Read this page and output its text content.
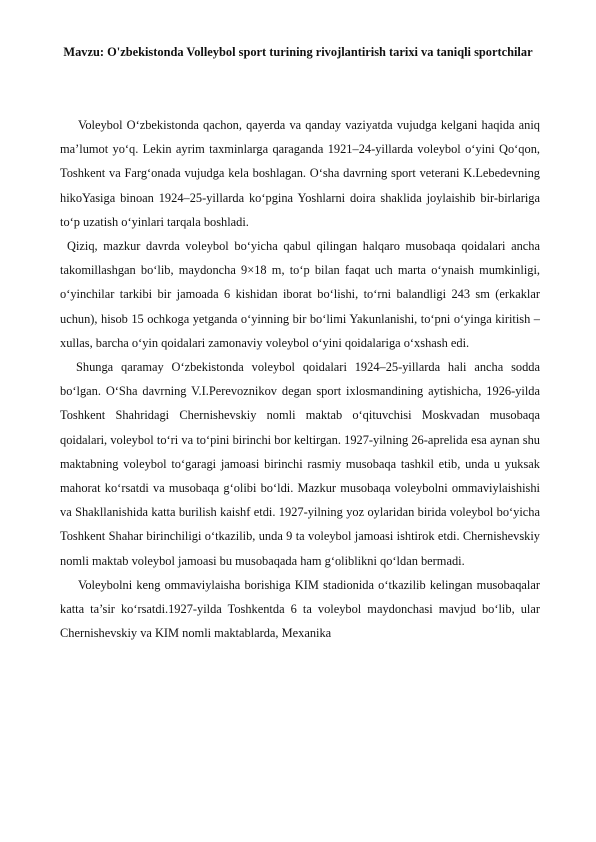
Mavzu: O'zbekistonda Volleybol sport turining rivojlantirish tarixi va taniqli sportchilar

Voleybol O‘zbekistonda qachon, qayerda va qanday vaziyatda vujudga kelgani haqida aniq ma’lumot yo‘q. Lekin ayrim taxminlarga qaraganda 1921–24-yillarda voleybol o‘yini Qo‘qon, Toshkent va Farg‘onada vujudga kela boshlagan. O‘sha davrning sport veterani K.Lebedevning hikoYasiga binoan 1924–25-yillarda ko‘pgina Yoshlarni doira shaklida joylaishib bir-birlariga to‘p uzatish o‘yinlari tarqala boshladi.

Qiziq, mazkur davrda voleybol bo‘yicha qabul qilingan halqaro musobaqa qoidalari ancha takomillashgan bo‘lib, maydoncha 9×18 m, to‘p bilan faqat uch marta o‘ynaish mumkinligi, o‘yinchilar tarkibi bir jamoada 6 kishidan iborat bo‘lishi, to‘rni balandligi 243 sm (erkaklar uchun), hisob 15 ochkoga yetganda o‘yinning bir bo‘limi Yakunlanishi, to‘pni o‘yinga kiritish – xullas, barcha o‘yin qoidalari zamonaviy voleybol o‘yini qoidalariga o‘xshash edi.

Shunga qaramay O‘zbekistonda voleybol qoidalari 1924–25-yillarda hali ancha sodda bo‘lgan. O‘Sha davrning V.I.Perevoznikov degan sport ixlosmandining aytishicha, 1926-yilda Toshkent Shahridagi Chernishevskiy nomli maktab o‘qituvchisi Moskvadan musobaqa qoidalari, voleybol to‘ri va to‘pini birinchi bor keltirgan. 1927-yilning 26-aprelida esa aynan shu maktabning voleybol to‘garagi jamoasi birinchi rasmiy musobaqa tashkil etib, unda u yuksak mahorat ko‘rsatdi va musobaqa g‘olibi bo‘ldi. Mazkur musobaqa voleybolni ommaviylaishishi va Shakllanishida katta burilish kaishf etdi. 1927-yilning yoz oylaridan birida voleybol bo‘yicha Toshkent Shahar birinchiligi o‘tkazilib, unda 9 ta voleybol jamoasi ishtirok etdi. Chernishevskiy nomli maktab voleybol jamoasi bu musobaqada ham g‘oliblikni qo‘ldan bermadi.

Voleybolni keng ommaviylaisha borishiga KIM stadionida o‘tkazilib kelingan musobaqalar katta ta’sir ko‘rsatdi.1927-yilda Toshkentda 6 ta voleybol maydonchasi mavjud bo‘lib, ular Chernishevskiy va KIM nomli maktablarda, Mexanika
